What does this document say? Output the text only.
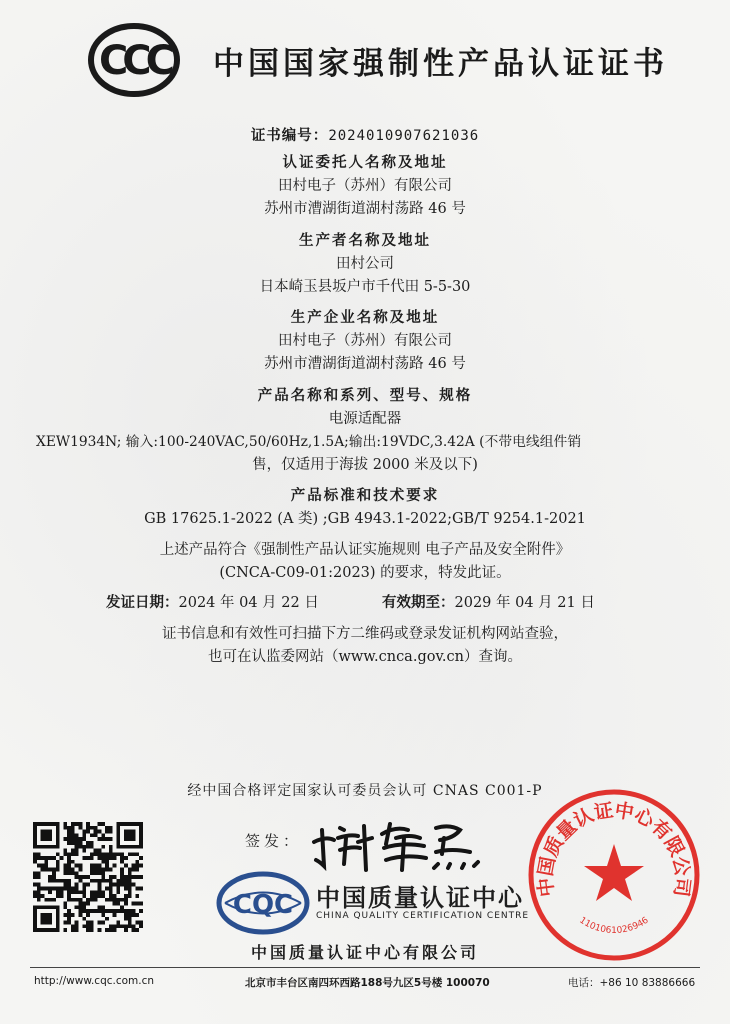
CCC 中国国家强制性产品认证证书
证书编号：2024010907621036
认证委托人名称及地址
田村电子（苏州）有限公司
苏州市漕湖街道湖村荡路 46 号
生产者名称及地址
田村公司
日本崎玉县坂户市千代田 5-5-30
生产企业名称及地址
田村电子（苏州）有限公司
苏州市漕湖街道湖村荡路 46 号
产品名称和系列、型号、规格
电源适配器
XEW1934N; 输入:100-240VAC,50/60Hz,1.5A;输出:19VDC,3.42A (不带电线组件销
售，仅适用于海拔 2000 米及以下)
产品标准和技术要求
GB 17625.1-2022 (A 类) ;GB 4943.1-2022;GB/T 9254.1-2021
上述产品符合《强制性产品认证实施规则 电子产品及安全附件》
(CNCA-C09-01:2023) 的要求，特发此证。
发证日期：2024 年 04 月 22 日	有效期至：2029 年 04 月 21 日
证书信息和有效性可扫描下方二维码或登录发证机构网站查验，
也可在认监委网站（www.cnca.gov.cn）查询。
经中国合格评定国家认可委员会认可 CNAS C001-P
签发：
CQC 中国质量认证中心
CHINA QUALITY CERTIFICATION CENTRE
中国质量认证中心有限公司
中国质量认证中心有限公司
1101061026946
http://www.cqc.com.cn	北京市丰台区南四环西路188号九区5号楼 100070	电话：+86 10 83886666
